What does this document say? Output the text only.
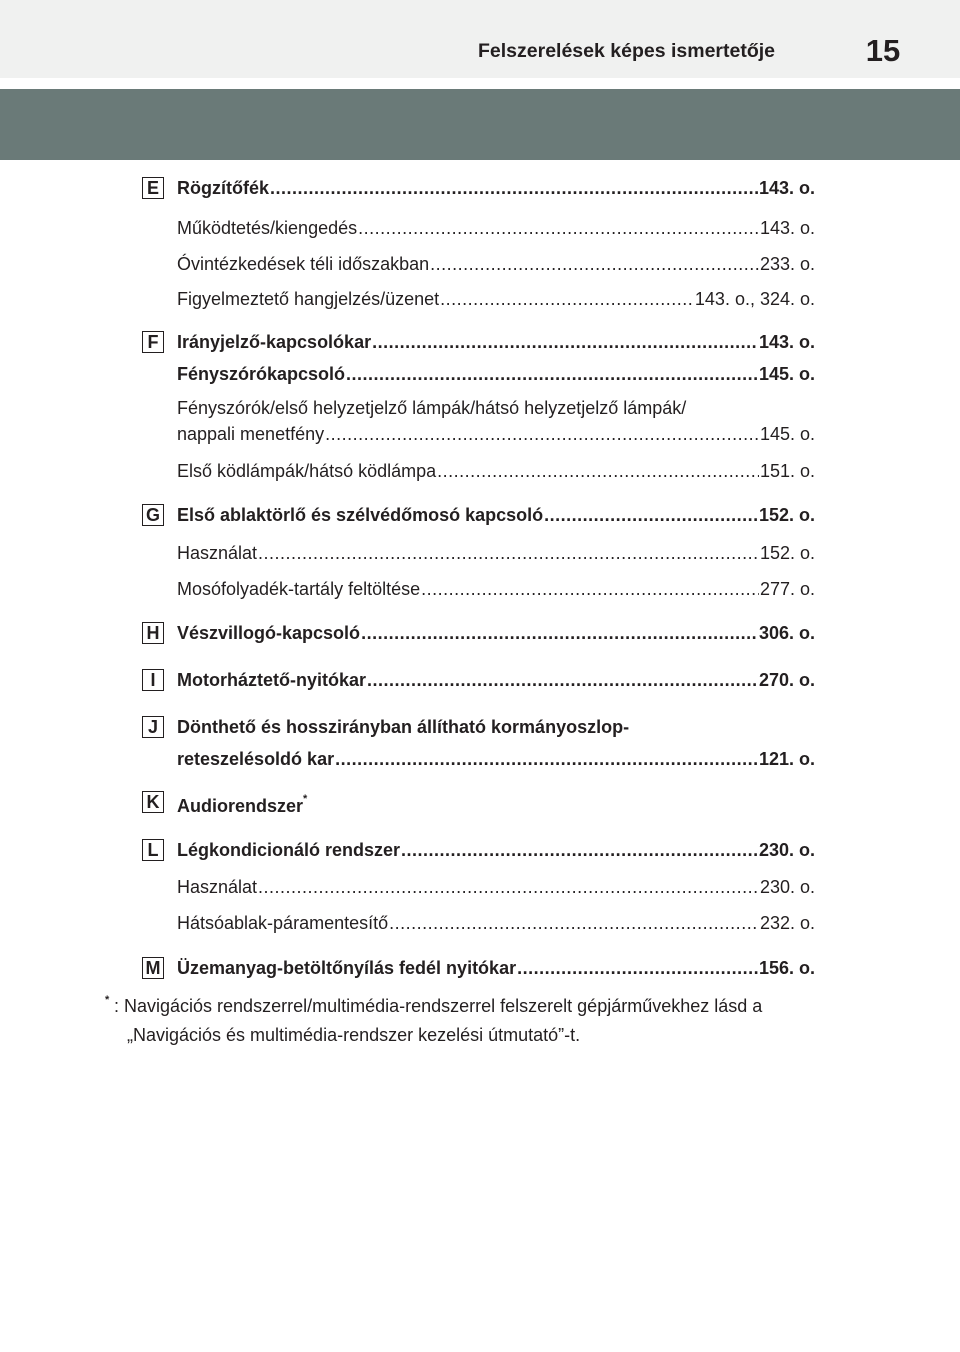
Felszerelések képes ismertetője	15
E Rögzítőfék .....	143. o.
Működtetés/kiengedés .....	143. o.
Óvintézkedések téli időszakban .....	233. o.
Figyelmeztető hangjelzés/üzenet .....	143. o., 324. o.
F	Irányjelző-kapcsolókar .....	143. o.
Fényszórókapcsoló .....	145. o.
Fényszórók/első helyzetjelző lámpák/hátsó helyzetjelző lámpák/
nappali menetfény .....	145. o.
Első ködlámpák/hátsó ködlámpa .....	151. o.
G Első ablaktörlő és szélvédőmosó kapcsoló .....	152. o.
Használat .....	152. o.
Mosófolyadék-tartály feltöltése .....	277. o.
H Vészvillogó-kapcsoló .....	306. o.
I	Motorháztető-nyitókar .....	270. o.
J	Dönthető és hosszirányban állítható kormányoszlop-
reteszelésoldó kar .....	121. o.
K Audiorendszer*
L	Légkondicionáló rendszer .....	230. o.
Használat .....	230. o.
Hátsóablak-páramentesítő .....	232. o.
M Üzemanyag-betöltőnyílás fedél nyitókar .....	156. o.
* : Navigációs rendszerrel/multimédia-rendszerrel felszerelt gépjárművekhez lásd a
„Navigációs és multimédia-rendszer kezelési útmutató”-t.
